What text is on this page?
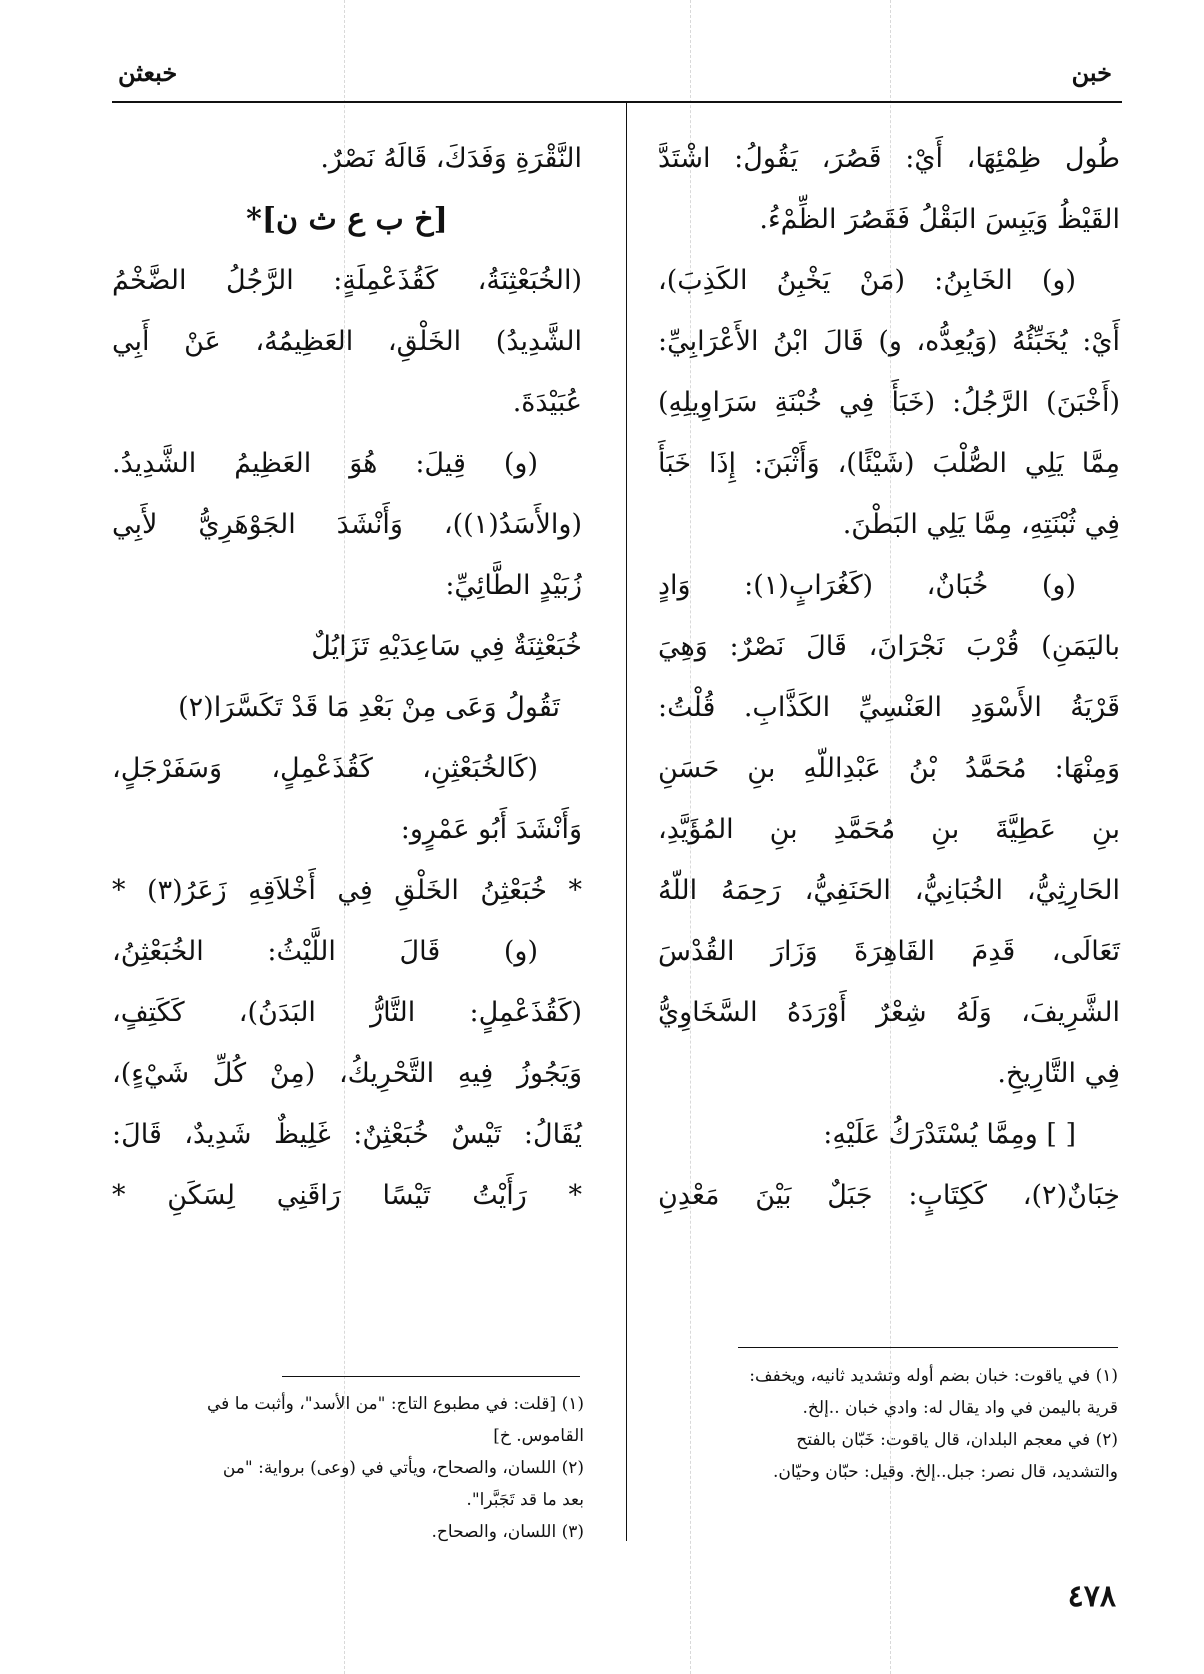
خبن
خبعثن
طُول ظِمْئِهَا، أَيْ: قَصُرَ، يَقُولُ: اشْتَدَّ
القَيْظُ وَيَبِسَ البَقْلُ فَقَصُرَ الظِّمْءُ.
(و) الخَابِنُ: (مَنْ يَخْبِنُ الكَذِبَ)،
أَيْ: يُخَبِّئُهُ (وَيُعِدُّه، و) قَالَ ابْنُ الأَعْرَابِيِّ:
(أَخْبَنَ) الرَّجُلُ: (خَبَأَ فِي خُبْنَةِ سَرَاوِيلِهِ)
مِمَّا يَلِي الصُّلْبَ (شَيْئًا)، وَأَثْبَنَ: إِذَا خَبَأَ
فِي ثُبْنَتِهِ، مِمَّا يَلِي البَطْنَ.
(و) خُبَانٌ، (كَغُرَابٍ(١): وَادٍ
باليَمَنِ) قُرْبَ نَجْرَانَ، قَالَ نَصْرٌ: وَهِيَ
قَرْيَةُ الأَسْوَدِ العَنْسِيِّ الكَذَّابِ. قُلْتُ:
وَمِنْهَا: مُحَمَّدُ بْنُ عَبْدِاللّهِ بنِ حَسَنِ
بنِ عَطِيَّةَ بنِ مُحَمَّدِ بنِ المُؤَيَّدِ،
الحَارِثِيُّ، الخُبَانِيُّ، الحَنَفِيُّ، رَحِمَهُ اللّهُ
تَعَالَى، قَدِمَ القَاهِرَةَ وَزَارَ القُدْسَ
الشَّرِيفَ، وَلَهُ شِعْرٌ أَوْرَدَهُ السَّخَاوِيُّ
فِي التَّارِيخِ.
[ ] ومِمَّا يُسْتَدْرَكُ عَلَيْهِ:
خِبَانٌ(٢)، كَكِتَابٍ: جَبَلٌ بَيْنَ مَعْدِنِ
النَّقْرَةِ وَفَدَكَ، قَالَهُ نَصْرٌ.
[خ ب ع ث ن]*
(الخُبَعْثِنَةُ، كَقُذَعْمِلَةٍ: الرَّجُلُ الضَّخْمُ
الشَّدِيدُ) الخَلْقِ، العَظِيمُهُ، عَنْ أَبِي
عُبَيْدَةَ.
(و) قِيلَ: هُوَ العَظِيمُ الشَّدِيدُ.
(والأَسَدُ(١))، وَأَنْشَدَ الجَوْهَرِيُّ لأَبِي
زُبَيْدٍ الطَّائِيِّ:
خُبَعْثِنَةٌ فِي سَاعِدَيْهِ تَزَايُلٌ
تَقُولُ وَعَى مِنْ بَعْدِ مَا قَدْ تَكَسَّرَا(٢)
(كَالخُبَعْثِنِ، كَقُذَعْمِلٍ، وَسَفَرْجَلٍ،
وَأَنْشَدَ أَبُو عَمْرٍو:
* خُبَعْثِنُ الخَلْقِ فِي أَخْلاَقِهِ زَعَرُ(٣) *
(و) قَالَ اللَّيْثُ: الخُبَعْثِنُ،
(كَقُذَعْمِلٍ: التَّارُّ البَدَنُ)، كَكَتِفٍ،
وَيَجُوزُ فِيهِ التَّحْرِيكُ، (مِنْ كُلِّ شَيْءٍ)،
يُقَالُ: تَيْسٌ خُبَعْثِنٌ: غَلِيظٌ شَدِيدٌ، قَالَ:
* رَأَيْتُ تَيْسًا رَاقَنِي لِسَكَنِ *
(١) في ياقوت: خبان بضم أوله وتشديد ثانيه، ويخفف:
قرية باليمن في واد يقال له: وادي خبان ..إلخ.
(٢) في معجم البلدان، قال ياقوت: خَبّان بالفتح
والتشديد، قال نصر: جبل..إلخ. وقيل: حبّان وحيّان.
(١) [قلت: في مطبوع التاج: "من الأسد"، وأثبت ما في
القاموس. خ]
(٢) اللسان، والصحاح، ويأتي في (وعى) برواية: "من
بعد ما قد تَجَبَّرا".
(٣) اللسان، والصحاح.
٤٧٨
